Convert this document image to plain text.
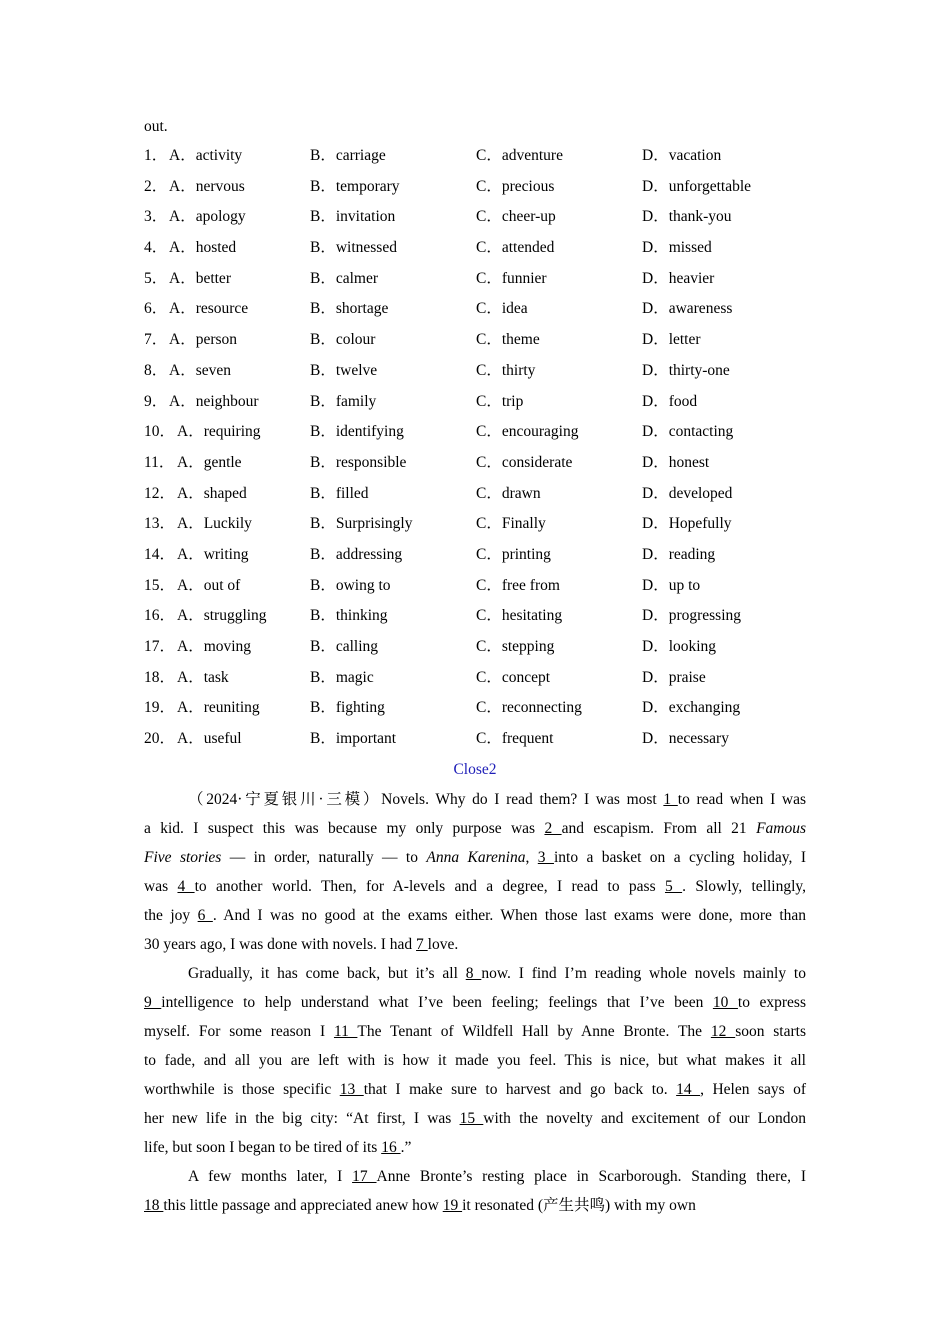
out.
1． A．activity	B．carriage	C．adventure	D．vacation
2． A．nervous	B．temporary	C．precious	D．unforgettable
3． A．apology	B．invitation	C．cheer-up	D．thank-you
4． A．hosted	B．witnessed	C．attended	D．missed
5． A．better	B．calmer	C．funnier	D．heavier
6． A．resource	B．shortage	C．idea	D．awareness
7． A．person	B．colour	C．theme	D．letter
8． A．seven	B．twelve	C．thirty	D．thirty-one
9． A．neighbour	B．family	C．trip	D．food
10． A．requiring	B．identifying	C．encouraging	D．contacting
11． A．gentle	B．responsible	C．considerate	D．honest
12． A．shaped	B．filled	C．drawn	D．developed
13． A．Luckily	B．Surprisingly	C．Finally	D．Hopefully
14． A．writing	B．addressing	C．printing	D．reading
15． A．out of	B．owing to	C．free from	D．up to
16． A．struggling	B．thinking	C．hesitating	D．progressing
17． A．moving	B．calling	C．stepping	D．looking
18． A．task	B．magic	C．concept	D．praise
19． A．reuniting	B．fighting	C．reconnecting	D．exchanging
20． A．useful	B．important	C．frequent	D．necessary
Close2
（2024·宁夏银川·三模）Novels. Why do I read them? I was most 1 to read when I was
a kid. I suspect this was because my only purpose was 2 and escapism. From all 21 Famous
Five stories — in order, naturally — to Anna Karenina, 3 into a basket on a cycling holiday, I
was 4 to another world. Then, for A-levels and a degree, I read to pass 5 . Slowly, tellingly,
the joy 6 . And I was no good at the exams either. When those last exams were done, more than
30 years ago, I was done with novels. I had 7 love.
Gradually, it has come back, but it’s all 8 now. I find I’m reading whole novels mainly to
9 intelligence to help understand what I’ve been feeling; feelings that I’ve been 10 to express
myself. For some reason I 11 The Tenant of Wildfell Hall by Anne Bronte. The 12 soon starts
to fade, and all you are left with is how it made you feel. This is nice, but what makes it all
worthwhile is those specific 13 that I make sure to harvest and go back to. 14 , Helen says of
her new life in the big city: “At first, I was 15 with the novelty and excitement of our London
life, but soon I began to be tired of its 16 .”
A few months later, I 17 Anne Bronte’s resting place in Scarborough. Standing there, I
18 this little passage and appreciated anew how 19 it resonated (产生共鸣) with my own
